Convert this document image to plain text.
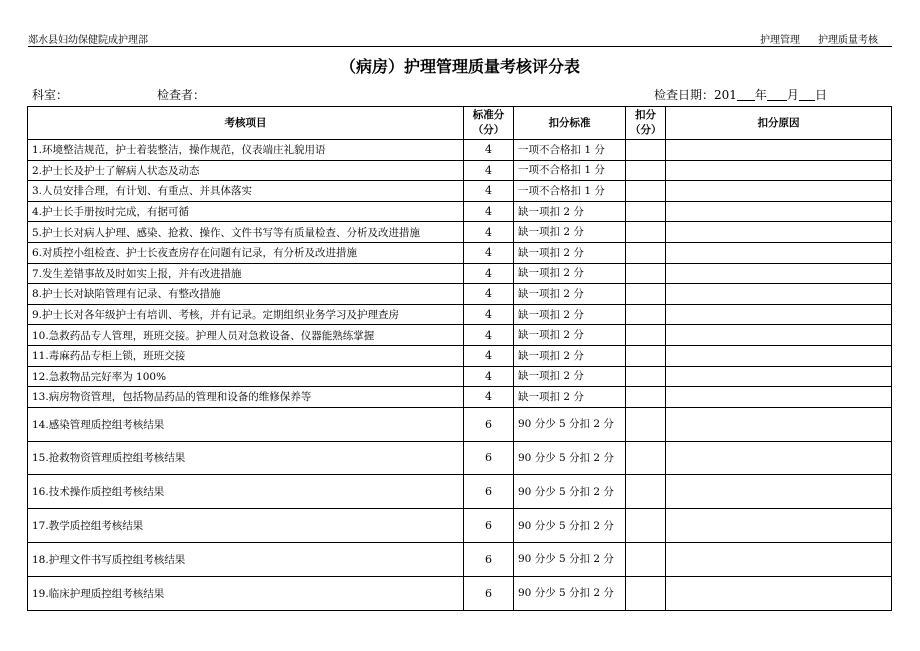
郯水县妇幼保健院成护理部	护理管理 护理质量考核
（病房）护理管理质量考核评分表
科室：	检查者：	检查日期：201 年 月 日
考核项目	标准分（分）	扣分标准	扣分（分）	扣分原因
1.环境整洁规范，护士着装整洁，操作规范，仪表端庄礼貌用语	4	一项不合格扣 1 分		
2.护士长及护士了解病人状态及动态	4	一项不合格扣 1 分		
3.人员安排合理，有计划、有重点、并具体落实	4	一项不合格扣 1 分		
4.护士长手册按时完成，有据可循	4	缺一项扣 2 分		
5.护士长对病人护理、感染、抢救、操作、文件书写等有质量检查、分析及改进措施	4	缺一项扣 2 分		
6.对质控小组检查、护士长夜查房存在问题有记录，有分析及改进措施	4	缺一项扣 2 分		
7.发生差错事故及时如实上报，并有改进措施	4	缺一项扣 2 分		
8.护士长对缺陷管理有记录、有整改措施	4	缺一项扣 2 分		
9.护士长对各年级护士有培训、考核，并有记录。定期组织业务学习及护理查房	4	缺一项扣 2 分		
10.急救药品专人管理，班班交接。护理人员对急救设备、仪器能熟练掌握	4	缺一项扣 2 分		
11.毒麻药品专柜上锁，班班交接	4	缺一项扣 2 分		
12.急救物品完好率为 100%	4	缺一项扣 2 分		
13.病房物资管理，包括物品药品的管理和设备的维修保养等	4	缺一项扣 2 分		
14.感染管理质控组考核结果	6	90 分少 5 分扣 2 分		
15.抢救物资管理质控组考核结果	6	90 分少 5 分扣 2 分		
16.技术操作质控组考核结果	6	90 分少 5 分扣 2 分		
17.教学质控组考核结果	6	90 分少 5 分扣 2 分		
18.护理文件书写质控组考核结果	6	90 分少 5 分扣 2 分		
19.临床护理质控组考核结果	6	90 分少 5 分扣 2 分		
